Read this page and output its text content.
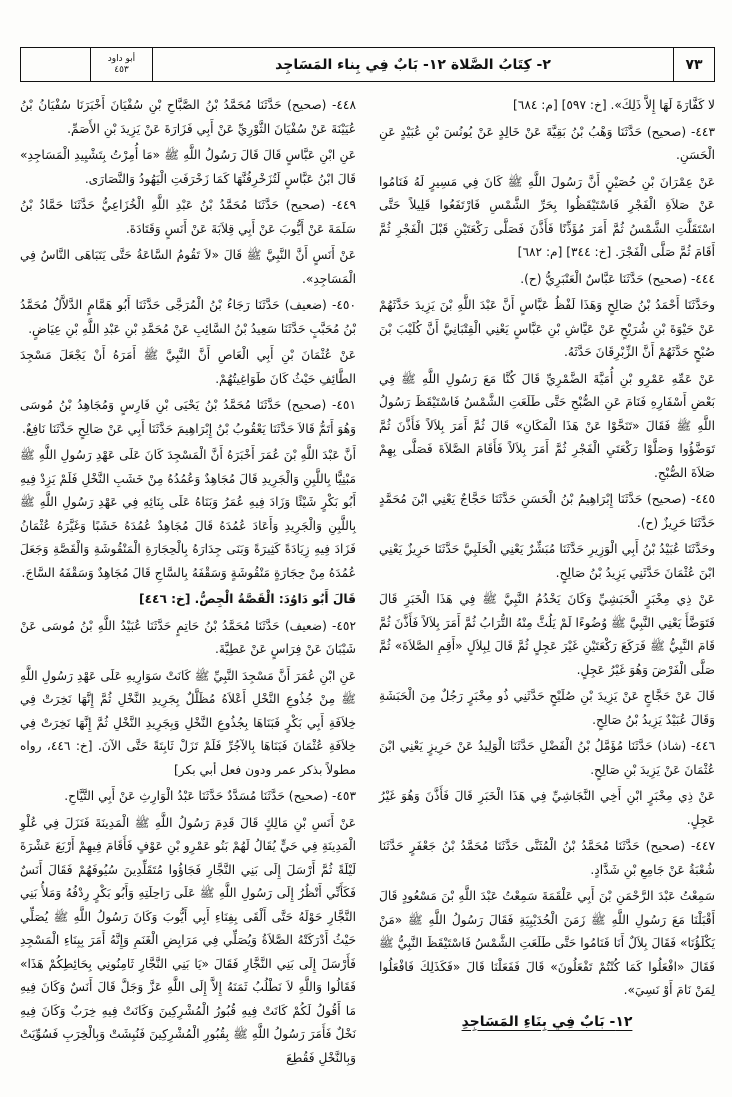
أبو داود
٤٥٣	٢- كِتَابُ الصَّلاة ١٢- بَابٌ فِي بِناء المَسَاجِد	٧٣

لا كَفَّارَةَ لَهَا إِلاَّ ذَلِكَ». [خ: ٥٩٧] [م: ٦٨٤]

٤٤٣- (صحيح) حَدَّثَنَا وَهْبُ بْنُ بَقِيَّةَ عَنْ خَالِدٍ عَنْ يُونُسَ بْنِ عُبَيْدٍ عَنِ الْحَسَنِ.

عَنْ عِمْرَانَ بْنِ حُصَيْنٍ أَنَّ رَسُولَ اللَّهِ ﷺ كَانَ فِي مَسِيرٍ لَهُ فَنَامُوا عَنْ صَلاَةِ الْفَجْرِ فَاسْتَيْقَظُوا بِحَرِّ الشَّمْسِ فَارْتَفَعُوا قَلِيلاً حَتَّى اسْتَقَلَّتِ الشَّمْسُ ثُمَّ أَمَرَ مُؤَذِّنًا فَأَذَّنَ فَصَلَّى رَكْعَتَيْنِ قَبْلَ الْفَجْرِ ثُمَّ أَقَامَ ثُمَّ صَلَّى الْفَجْرَ. [خ: ٣٤٤] [م: ٦٨٢]

٤٤٤- (صحيح) حَدَّثَنَا عَبَّاسٌ الْعَنْبَرِيُّ (ح).

وحَدَّثَنَا أَحْمَدُ بْنُ صَالِحٍ وَهَذَا لَفْظُ عَبَّاسٍ أَنَّ عَبْدَ اللَّهِ بْنَ يَزِيدَ حَدَّثَهُمْ عَنْ حَيْوَةَ بْنِ شُرَيْحٍ عَنْ عَيَّاشِ بْنِ عَبَّاسٍ يَعْنِي الْقِتْبَانِيَّ أَنَّ كُلَيْبَ بْنَ صُبْحٍ حَدَّثَهُمْ أَنَّ الزِّبْرِقَانَ حَدَّثَهُ.

عَنْ عَمِّهِ عَمْرِو بْنِ أُمَيَّةَ الضَّمْرِيِّ قَالَ كُنَّا مَعَ رَسُولِ اللَّهِ ﷺ فِي بَعْضِ أَسْفَارِهِ فَنَامَ عَنِ الصُّبْحِ حَتَّى طَلَعَتِ الشَّمْسُ فَاسْتَيْقَظَ رَسُولُ اللَّهِ ﷺ فَقَالَ «تَنَحَّوْا عَنْ هَذَا الْمَكَانِ» قَالَ ثُمَّ أَمَرَ بِلاَلاً فَأَذَّنَ ثُمَّ تَوَضَّؤُوا وَصَلَّوْا رَكْعَتَيِ الْفَجْرِ ثُمَّ أَمَرَ بِلاَلاً فَأَقَامَ الصَّلاَةَ فَصَلَّى بِهِمْ صَلاَةَ الصُّبْحِ.

٤٤٥- (صحيح) حَدَّثَنَا إِبْرَاهِيمُ بْنُ الْحَسَنِ حَدَّثَنَا حَجَّاجٌ يَعْنِي ابْنَ مُحَمَّدٍ حَدَّثَنَا حَرِيزٌ (ح).

وحَدَّثَنَا عُبَيْدُ بْنُ أَبِي الْوَزِيرِ حَدَّثَنَا مُبَشِّرٌ يَعْنِي الْحَلَبِيَّ حَدَّثَنَا حَرِيزٌ يَعْنِي ابْنَ عُثْمَانَ حَدَّثَنِي يَزِيدُ بْنُ صَالِحٍ.

عَنْ ذِي مِخْبَرٍ الْحَبَشِيِّ وَكَانَ يَخْدُمُ النَّبِيَّ ﷺ فِي هَذَا الْخَبَرِ قَالَ فَتَوَضَّأَ يَعْنِي النَّبِيَّ ﷺ وُضُوءًا لَمْ يَلُثَّ مِنْهُ التُّرَابُ ثُمَّ أَمَرَ بِلاَلاً فَأَذَّنَ ثُمَّ قَامَ النَّبِيُّ ﷺ فَرَكَعَ رَكْعَتَيْنِ غَيْرَ عَجِلٍ ثُمَّ قَالَ لِبِلاَلٍ «أَقِمِ الصَّلاَةَ» ثُمَّ صَلَّى الْفَرْضَ وَهُوَ غَيْرُ عَجِلٍ.

قَالَ عَنْ حَجَّاجٍ عَنْ يَزِيدَ بْنِ صُلَيْحٍ حَدَّثَنِي ذُو مِخْبَرٍ رَجُلٌ مِنَ الْحَبَشَةِ وَقَالَ عُبَيْدٌ يَزِيدُ بْنُ صَالِحٍ.

٤٤٦- (شاذ) حَدَّثَنَا مُؤَمَّلُ بْنُ الْفَضْلِ حَدَّثَنَا الْوَلِيدُ عَنْ حَرِيزٍ يَعْنِي ابْنَ عُثْمَانَ عَنْ يَزِيدَ بْنِ صَالِحٍ.

عَنْ ذِي مِخْبَرٍ ابْنِ أَخِي النَّجَاشِيِّ فِي هَذَا الْخَبَرِ قَالَ فَأَذَّنَ وَهُوَ غَيْرُ عَجِلٍ.

٤٤٧- (صحيح) حَدَّثَنَا مُحَمَّدُ بْنُ الْمُثَنَّى حَدَّثَنَا مُحَمَّدُ بْنُ جَعْفَرٍ حَدَّثَنَا شُعْبَةُ عَنْ جَامِعِ بْنِ شَدَّادٍ.

سَمِعْتُ عَبْدَ الرَّحْمَنِ بْنَ أَبِي عَلْقَمَةَ سَمِعْتُ عَبْدَ اللَّهِ بْنَ مَسْعُودٍ قَالَ أَقْبَلْنَا مَعَ رَسُولِ اللَّهِ ﷺ زَمَنَ الْحُدَيْبِيَةِ فَقَالَ رَسُولُ اللَّهِ ﷺ «مَنْ يَكْلَؤُنَا» فَقَالَ بِلاَلٌ أَنَا فَنَامُوا حَتَّى طَلَعَتِ الشَّمْسُ فَاسْتَيْقَظَ النَّبِيُّ ﷺ فَقَالَ «افْعَلُوا كَمَا كُنْتُمْ تَفْعَلُونَ» قَالَ فَفَعَلْنَا قَالَ «فَكَذَلِكَ فَافْعَلُوا لِمَنْ نَامَ أَوْ نَسِيَ».

١٢- بَابٌ فِي بِنَاءِ المَسَاجِدِ

٤٤٨- (صحيح) حَدَّثَنَا مُحَمَّدُ بْنُ الصَّبَّاحِ بْنِ سُفْيَانَ أَخْبَرَنَا سُفْيَانُ بْنُ عُيَيْنَةَ عَنْ سُفْيَانَ الثَّوْرِيِّ عَنْ أَبِي فَزَارَةَ عَنْ يَزِيدَ بْنِ الأَصَمِّ.

عَنِ ابْنِ عَبَّاسٍ قَالَ قَالَ رَسُولُ اللَّهِ ﷺ «مَا أُمِرْتُ بِتَشْيِيدِ الْمَسَاجِدِ» قَالَ ابْنُ عَبَّاسٍ لَتُزَخْرِفُنَّهَا كَمَا زَخْرَفَتِ الْيَهُودُ وَالنَّصَارَى.

٤٤٩- (صحيح) حَدَّثَنَا مُحَمَّدُ بْنُ عَبْدِ اللَّهِ الْخُزَاعِيُّ حَدَّثَنَا حَمَّادُ بْنُ سَلَمَةَ عَنْ أَيُّوبَ عَنْ أَبِي قِلاَبَةَ عَنْ أَنَسٍ وَقَتَادَةَ.

عَنْ أَنَسٍ أَنَّ النَّبِيَّ ﷺ قَالَ «لاَ تَقُومُ السَّاعَةُ حَتَّى يَتَبَاهَى النَّاسُ فِي الْمَسَاجِدِ».

٤٥٠- (ضعيف) حَدَّثَنَا رَجَاءُ بْنُ الْمُرَجَّى حَدَّثَنَا أَبُو هَمَّامٍ الدَّلاَّلُ مُحَمَّدُ بْنُ مُحَبَّبٍ حَدَّثَنَا سَعِيدُ بْنُ السَّائِبِ عَنْ مُحَمَّدِ بْنِ عَبْدِ اللَّهِ بْنِ عِيَاضٍ.

عَنْ عُثْمَانَ بْنِ أَبِي الْعَاصِ أَنَّ النَّبِيَّ ﷺ أَمَرَهُ أَنْ يَجْعَلَ مَسْجِدَ الطَّائِفِ حَيْثُ كَانَ طَوَاغِيتُهُمْ.

٤٥١- (صحيح) حَدَّثَنَا مُحَمَّدُ بْنُ يَحْيَى بْنِ فَارِسٍ وَمُجَاهِدُ بْنُ مُوسَى وَهُوَ أَتَمُّ قَالاَ حَدَّثَنَا يَعْقُوبُ بْنُ إِبْرَاهِيمَ حَدَّثَنَا أَبِي عَنْ صَالِحٍ حَدَّثَنَا نَافِعٌ.

أَنَّ عَبْدَ اللَّهِ بْنَ عُمَرَ أَخْبَرَهُ أَنَّ الْمَسْجِدَ كَانَ عَلَى عَهْدِ رَسُولِ اللَّهِ ﷺ مَبْنِيًّا بِاللَّبِنِ وَالْجَرِيدِ قَالَ مُجَاهِدٌ وَعُمُدُهُ مِنْ خَشَبِ النَّخْلِ فَلَمْ يَزِدْ فِيهِ أَبُو بَكْرٍ شَيْئًا وَزَادَ فِيهِ عُمَرُ وَبَنَاهُ عَلَى بِنَائِهِ فِي عَهْدِ رَسُولِ اللَّهِ ﷺ بِاللَّبِنِ وَالْجَرِيدِ وَأَعَادَ عُمُدَهُ قَالَ مُجَاهِدٌ عُمُدَهُ خَشَبًا وَغَيَّرَهُ عُثْمَانُ فَزَادَ فِيهِ زِيَادَةً كَثِيرَةً وَبَنَى جِدَارَهُ بِالْحِجَارَةِ الْمَنْقُوشَةِ وَالْقَصَّةِ وَجَعَلَ عُمُدَهُ مِنْ حِجَارَةٍ مَنْقُوشَةٍ وَسَقْفَهُ بِالسَّاجِ قَالَ مُجَاهِدٌ وَسَقْفَهُ السَّاجَ.

قَالَ أَبُو دَاوُدَ: الْقَصَّةُ الْجِصُّ. [خ: ٤٤٦]

٤٥٢- (ضعيف) حَدَّثَنَا مُحَمَّدُ بْنُ حَاتِمٍ حَدَّثَنَا عُبَيْدُ اللَّهِ بْنُ مُوسَى عَنْ شَيْبَانَ عَنْ فِرَاسٍ عَنْ عَطِيَّةَ.

عَنِ ابْنِ عُمَرَ أَنَّ مَسْجِدَ النَّبِيِّ ﷺ كَانَتْ سَوَارِيهِ عَلَى عَهْدِ رَسُولِ اللَّهِ ﷺ مِنْ جُذُوعِ النَّخْلِ أَعْلاَهُ مُظَلَّلٌ بِجَرِيدِ النَّخْلِ ثُمَّ إِنَّهَا نَخِرَتْ فِي خِلاَفَةِ أَبِي بَكْرٍ فَبَنَاهَا بِجُذُوعِ النَّخْلِ وَبِجَرِيدِ النَّخْلِ ثُمَّ إِنَّهَا نَخِرَتْ فِي خِلاَفَةِ عُثْمَانَ فَبَنَاهَا بِالآجُرِّ فَلَمْ تَزَلْ ثَابِتَةً حَتَّى الآنَ. [خ: ٤٤٦، رواه مطولاً بذكر عمر ودون فعل أبي بكر]

٤٥٣- (صحيح) حَدَّثَنَا مُسَدَّدٌ حَدَّثَنَا عَبْدُ الْوَارِثِ عَنْ أَبِي التَّيَّاحِ.

عَنْ أَنَسِ بْنِ مَالِكٍ قَالَ قَدِمَ رَسُولُ اللَّهِ ﷺ الْمَدِينَةَ فَنَزَلَ فِي عُلْوِ الْمَدِينَةِ فِي حَيٍّ يُقَالُ لَهُمْ بَنُو عَمْرِو بْنِ عَوْفٍ فَأَقَامَ فِيهِمْ أَرْبَعَ عَشْرَةَ لَيْلَةً ثُمَّ أَرْسَلَ إِلَى بَنِي النَّجَّارِ فَجَاؤُوا مُتَقَلِّدِينَ سُيُوفَهُمْ فَقَالَ أَنَسٌ فَكَأَنِّي أَنْظُرُ إِلَى رَسُولِ اللَّهِ ﷺ عَلَى رَاحِلَتِهِ وَأَبُو بَكْرٍ رِدْفُهُ وَمَلأُ بَنِي النَّجَّارِ حَوْلَهُ حَتَّى أَلْقَى بِفِنَاءِ أَبِي أَيُّوبَ وَكَانَ رَسُولُ اللَّهِ ﷺ يُصَلِّي حَيْثُ أَدْرَكَتْهُ الصَّلاَةُ وَيُصَلِّي فِي مَرَابِضِ الْغَنَمِ وَإِنَّهُ أَمَرَ بِبِنَاءِ الْمَسْجِدِ فَأَرْسَلَ إِلَى بَنِي النَّجَّارِ فَقَالَ «يَا بَنِي النَّجَّارِ ثَامِنُونِي بِحَائِطِكُمْ هَذَا» فَقَالُوا وَاللَّهِ لاَ نَطْلُبُ ثَمَنَهُ إِلاَّ إِلَى اللَّهِ عَزَّ وَجَلَّ قَالَ أَنَسٌ وَكَانَ فِيهِ مَا أَقُولُ لَكُمْ كَانَتْ فِيهِ قُبُورُ الْمُشْرِكِينَ وَكَانَتْ فِيهِ خِرَبٌ وَكَانَ فِيهِ نَخْلٌ فَأَمَرَ رَسُولُ اللَّهِ ﷺ بِقُبُورِ الْمُشْرِكِينَ فَنُبِشَتْ وَبِالْخِرَبِ فَسُوِّيَتْ وَبِالنَّخْلِ فَقُطِعَ
